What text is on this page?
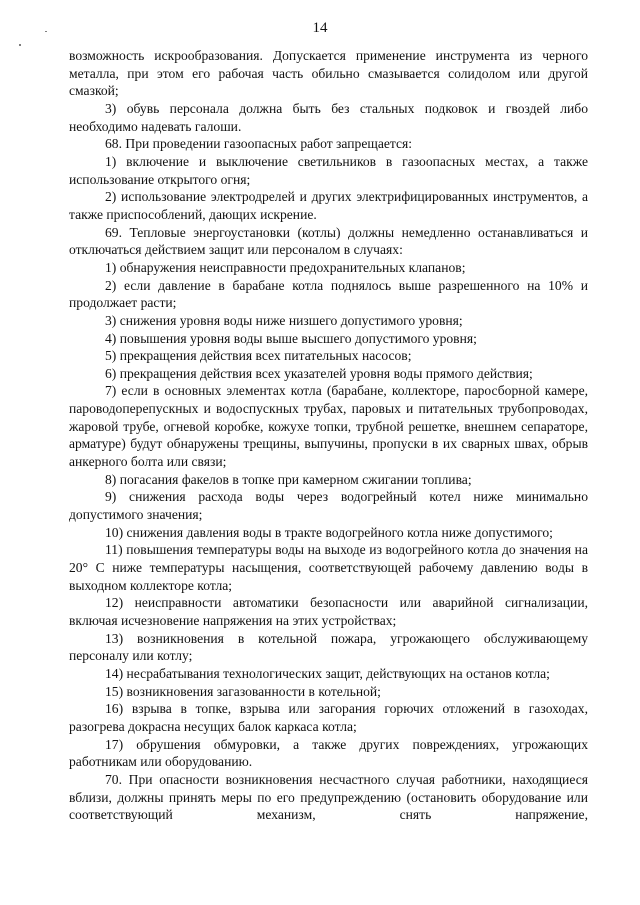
14

возможность искрообразования. Допускается применение инструмента из черного металла, при этом его рабочая часть обильно смазывается солидолом или другой смазкой;

3) обувь персонала должна быть без стальных подковок и гвоздей либо необходимо надевать галоши.

68. При проведении газоопасных работ запрещается:

1) включение и выключение светильников в газоопасных местах, а также использование открытого огня;

2) использование электродрелей и других электрифицированных инструментов, а также приспособлений, дающих искрение.

69. Тепловые энергоустановки (котлы) должны немедленно останавливаться и отключаться действием защит или персоналом в случаях:

1) обнаружения неисправности предохранительных клапанов;

2) если давление в барабане котла поднялось выше разрешенного на 10% и продолжает расти;

3) снижения уровня воды ниже низшего допустимого уровня;

4) повышения уровня воды выше высшего допустимого уровня;

5) прекращения действия всех питательных насосов;

6) прекращения действия всех указателей уровня воды прямого действия;

7) если в основных элементах котла (барабане, коллекторе, паросборной камере, пароводоперепускных и водоспускных трубах, паровых и питательных трубопроводах, жаровой трубе, огневой коробке, кожухе топки, трубной решетке, внешнем сепараторе, арматуре) будут обнаружены трещины, выпучины, пропуски в их сварных швах, обрыв анкерного болта или связи;

8) погасания факелов в топке при камерном сжигании топлива;

9) снижения расхода воды через водогрейный котел ниже минимально допустимого значения;

10) снижения давления воды в тракте водогрейного котла ниже допустимого;

11) повышения температуры воды на выходе из водогрейного котла до значения на 20° С ниже температуры насыщения, соответствующей рабочему давлению воды в выходном коллекторе котла;

12) неисправности автоматики безопасности или аварийной сигнализации, включая исчезновение напряжения на этих устройствах;

13) возникновения в котельной пожара, угрожающего обслуживающему персоналу или котлу;

14) несрабатывания технологических защит, действующих на останов котла;

15) возникновения загазованности в котельной;

16) взрыва в топке, взрыва или загорания горючих отложений в газоходах, разогрева докрасна несущих балок каркаса котла;

17) обрушения обмуровки, а также других повреждениях, угрожающих работникам или оборудованию.

70. При опасности возникновения несчастного случая работники, находящиеся вблизи, должны принять меры по его предупреждению (остановить оборудование или соответствующий механизм, снять напряжение,
